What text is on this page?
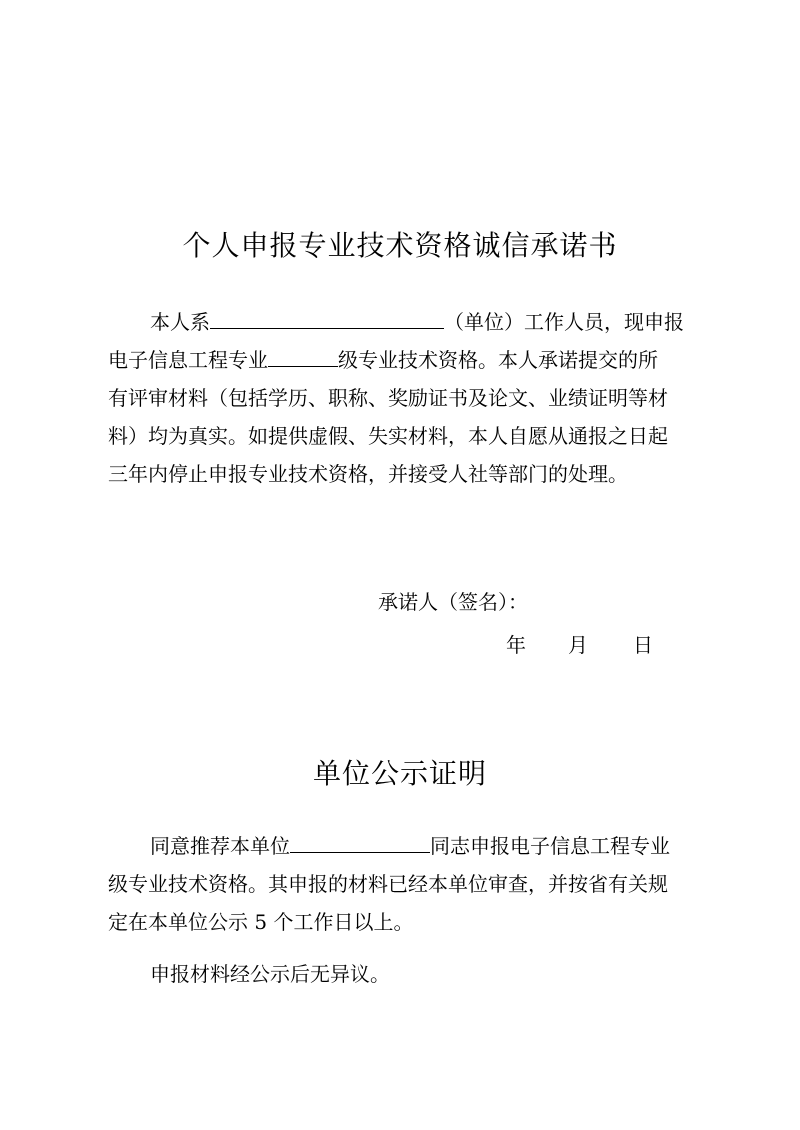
个人申报专业技术资格诚信承诺书
本人系	（单位）工作人员，现申报
电子信息工程专业	级专业技术资格。本人承诺提交的所
有评审材料（包括学历、职称、奖励证书及论文、业绩证明等材
料）均为真实。如提供虚假、失实材料，本人自愿从通报之日起
三年内停止申报专业技术资格，并接受人社等部门的处理。
承诺人（签名）：
年 月 日
单位公示证明
同意推荐本单位	同志申报电子信息工程专业
级专业技术资格。其申报的材料已经本单位审查，并按省有关规
定在本单位公示 5 个工作日以上。
申报材料经公示后无异议。
